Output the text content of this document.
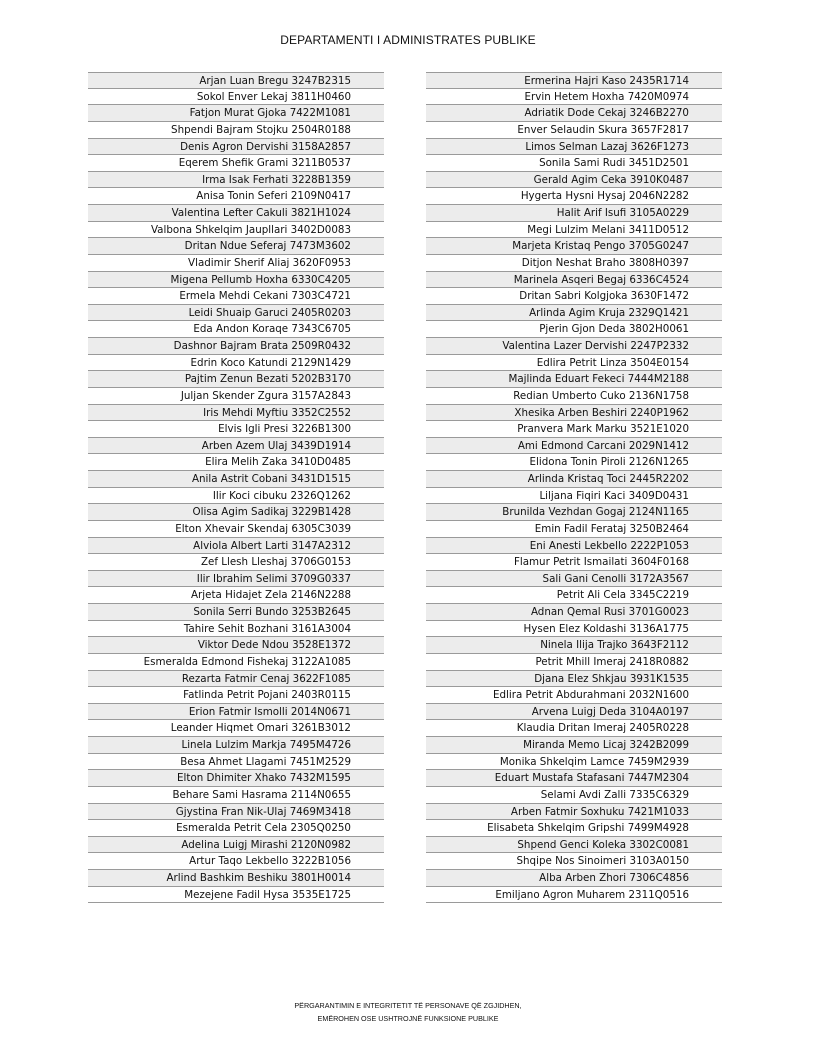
DEPARTAMENTI I ADMINISTRATES PUBLIKE
Arjan Luan Bregu 3247B2315
Sokol Enver Lekaj 3811H0460
Fatjon Murat Gjoka 7422M1081
Shpendi Bajram Stojku 2504R0188
Denis Agron Dervishi 3158A2857
Eqerem Shefik Grami 3211B0537
Irma Isak Ferhati 3228B1359
Anisa Tonin Seferi 2109N0417
Valentina Lefter Cakuli 3821H1024
Valbona Shkelqim Jaupllari 3402D0083
Dritan Ndue Seferaj 7473M3602
Vladimir Sherif Aliaj 3620F0953
Migena Pellumb Hoxha 6330C4205
Ermela Mehdi Cekani 7303C4721
Leidi Shuaip Garuci 2405R0203
Eda Andon Koraqe 7343C6705
Dashnor Bajram Brata 2509R0432
Edrin Koco Katundi 2129N1429
Pajtim Zenun Bezati 5202B3170
Juljan Skender Zgura 3157A2843
Iris Mehdi Myftiu 3352C2552
Elvis Igli Presi 3226B1300
Arben Azem Ulaj 3439D1914
Elira Melih Zaka 3410D0485
Anila Astrit Cobani 3431D1515
Ilir Koci cibuku 2326Q1262
Olisa Agim Sadikaj 3229B1428
Elton Xhevair Skendaj 6305C3039
Alviola Albert Larti 3147A2312
Zef Llesh Lleshaj 3706G0153
Ilir Ibrahim Selimi 3709G0337
Arjeta Hidajet Zela 2146N2288
Sonila Serri Bundo 3253B2645
Tahire Sehit Bozhani 3161A3004
Viktor Dede Ndou 3528E1372
Esmeralda Edmond Fishekaj 3122A1085
Rezarta Fatmir Cenaj 3622F1085
Fatlinda Petrit Pojani 2403R0115
Erion Fatmir Ismolli 2014N0671
Leander Hiqmet Omari 3261B3012
Linela Lulzim Markja 7495M4726
Besa Ahmet Llagami 7451M2529
Elton Dhimiter Xhako 7432M1595
Behare Sami Hasrama 2114N0655
Gjystina Fran Nik-Ulaj 7469M3418
Esmeralda Petrit Cela 2305Q0250
Adelina Luigj Mirashi 2120N0982
Artur Taqo Lekbello 3222B1056
Arlind Bashkim Beshiku 3801H0014
Mezejene Fadil Hysa 3535E1725
Ermerina Hajri Kaso 2435R1714
Ervin Hetem Hoxha 7420M0974
Adriatik Dode Cekaj 3246B2270
Enver Selaudin Skura 3657F2817
Limos Selman Lazaj 3626F1273
Sonila Sami Rudi 3451D2501
Gerald Agim Ceka 3910K0487
Hygerta Hysni Hysaj 2046N2282
Halit Arif Isufi 3105A0229
Megi Lulzim Melani 3411D0512
Marjeta Kristaq Pengo 3705G0247
Ditjon Neshat Braho 3808H0397
Marinela Asqeri Begaj 6336C4524
Dritan Sabri Kolgjoka 3630F1472
Arlinda Agim Kruja 2329Q1421
Pjerin Gjon Deda 3802H0061
Valentina Lazer Dervishi 2247P2332
Edlira Petrit Linza 3504E0154
Majlinda Eduart Fekeci 7444M2188
Redian Umberto Cuko 2136N1758
Xhesika Arben Beshiri 2240P1962
Pranvera Mark Marku 3521E1020
Ami Edmond Carcani 2029N1412
Elidona Tonin Piroli 2126N1265
Arlinda Kristaq Toci 2445R2202
Liljana Fiqiri Kaci 3409D0431
Brunilda Vezhdan Gogaj 2124N1165
Emin Fadil Ferataj 3250B2464
Eni Anesti Lekbello 2222P1053
Flamur Petrit Ismailati 3604F0168
Sali Gani Cenolli 3172A3567
Petrit Ali Cela 3345C2219
Adnan Qemal Rusi 3701G0023
Hysen Elez Koldashi 3136A1775
Ninela Ilija Trajko 3643F2112
Petrit Mhill Imeraj 2418R0882
Djana Elez Shkjau 3931K1535
Edlira Petrit Abdurahmani 2032N1600
Arvena Luigj Deda 3104A0197
Klaudia Dritan Imeraj 2405R0228
Miranda Memo Licaj 3242B2099
Monika Shkelqim Lamce 7459M2939
Eduart Mustafa Stafasani 7447M2304
Selami Avdi Zalli 7335C6329
Arben Fatmir Soxhuku 7421M1033
Elisabeta Shkelqim Gripshi 7499M4928
Shpend Genci Koleka 3302C0081
Shqipe Nos Sinoimeri 3103A0150
Alba Arben Zhori 7306C4856
Emiljano Agron Muharem 2311Q0516
PËRGARANTIMIN E INTEGRITETIT TË PERSONAVE QË ZGJIDHEN,
EMËROHEN OSE USHTROJNË FUNKSIONE PUBLIKE
